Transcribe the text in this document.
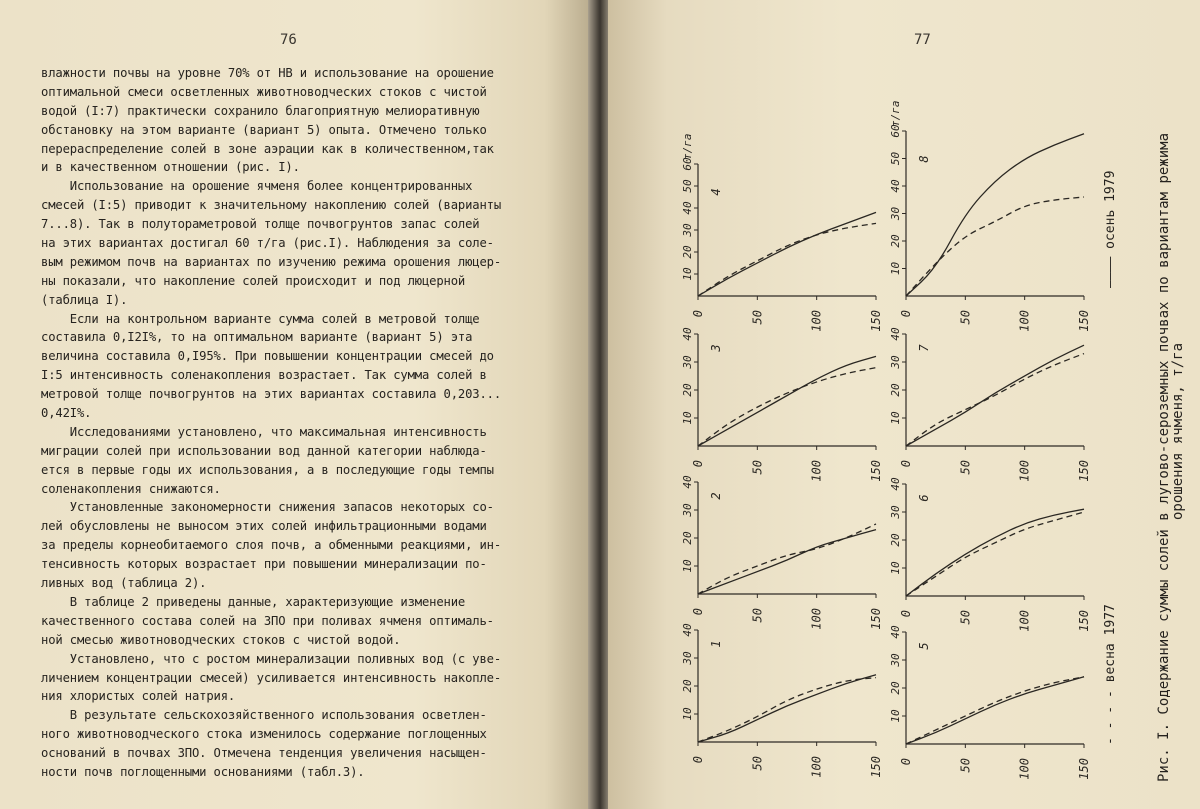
76
влажности почвы на уровне 70% от НВ и использование на орошение
оптимальной смеси осветленных животноводческих стоков с чистой
водой (I:7) практически сохранило благоприятную мелиоративную
обстановку на этом варианте (вариант 5) опыта. Отмечено только
перераспределение солей в зоне аэрации как в количественном,так
и в качественном отношении (рис. I).
Использование на орошение ячменя более концентрированных
смесей (I:5) приводит к значительному накоплению солей (варианты
7...8). Так в полутораметровой толще почвогрунтов запас солей
на этих вариантах достигал 60 т/га (рис.I). Наблюдения за соле-
вым режимом почв на вариантах по изучению режима орошения люцер-
ны показали, что накопление солей происходит и под люцерной
(таблица I).
Если на контрольном варианте сумма солей в метровой толще
составила 0,I2I%, то на оптимальном варианте (вариант 5) эта
величина составила 0,I95%. При повышении концентрации смесей до
I:5 интенсивность соленакопления возрастает. Так сумма солей в
метровой толще почвогрунтов на этих вариантах составила 0,203...
0,42I%.
Исследованиями установлено, что максимальная интенсивность
миграции солей при использовании вод данной категории наблюда-
ется в первые годы их использования, а в последующие годы темпы
соленакопления снижаются.
Установленные закономерности снижения запасов некоторых со-
лей обусловлены не выносом этих солей инфильтрационными водами
за пределы корнеобитаемого слоя почв, а обменными реакциями, ин-
тенсивность которых возрастает при повышении минерализации по-
ливных вод (таблица 2).
В таблице 2 приведены данные, характеризующие изменение
качественного состава солей на ЗПО при поливах ячменя оптималь-
ной смесью животноводческих стоков с чистой водой.
Установлено, что с ростом минерализации поливных вод (с уве-
личением концентрации смесей) усиливается интенсивность накопле-
ния хлористых солей натрия.
В результате сельскохозяйственного использования осветлен-
ного животноводческого стока изменилось содержание поглощенных
оснований в почвах ЗПО. Отмечена тенденция увеличения насыщен-
ности почв поглощенными основаниями (табл.3).
77
0	50	100	150
10
20
30
40
1
0	50	100	150
10
20
30
40
2
0	50	100	150
10
20
30
40
3
0	50	100	150
10
20
30
40
50
60
т/га
4
0	50	100	150
10
20
30
40
5
0	50	100	150
10
20
30
40
6
0	50	100	150
10
20
30
40
7
0	50	100	150
10
20
30
40
50
60
т/га
8	Рис. I. Содержание суммы солей в лугово-сероземных почвах по вариантам режима
орошения ячменя, т/га
- - - - весна 1977
———— осень 1979
